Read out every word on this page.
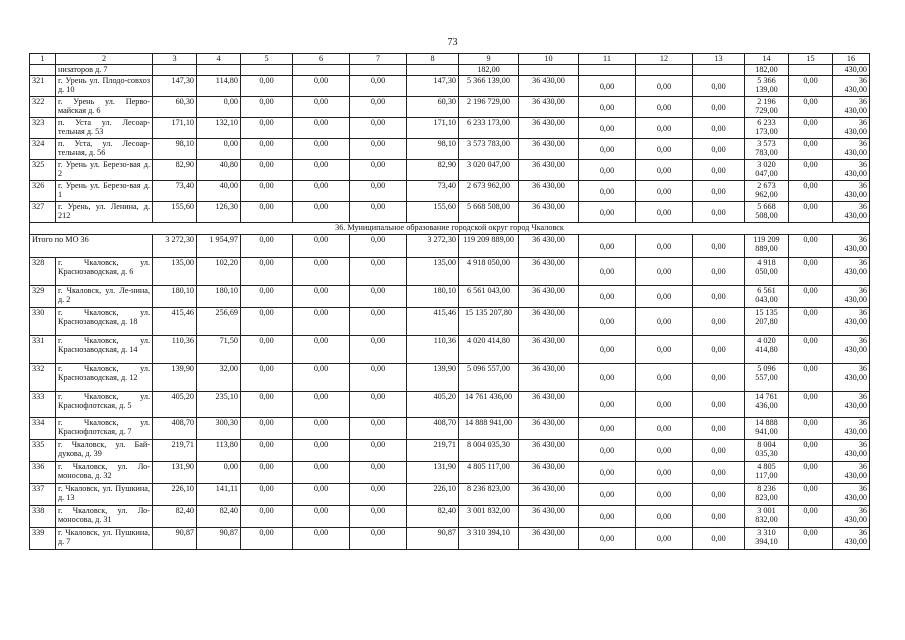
73
1	2	3	4	5	6	7	8	9	10	11	12	13	14	15	16
	низаторов д. 7							182,00					182,00		430,00
321	г. Урень ул. Плодо-совхоз д. 10	147,30	114,80	0,00	0,00	0,00	147,30	5 366 139,00	36 430,00	0,00	0,00	0,00	5 366 139,00	0,00	36 430,00
322	г. Урень ул. Перво-майская д. 6	60,30	0,00	0,00	0,00	0,00	60,30	2 196 729,00	36 430,00	0,00	0,00	0,00	2 196 729,00	0,00	36 430,00
323	п. Уста ул. Лесоар-тельная д. 53	171,10	132,10	0,00	0,00	0,00	171,10	6 233 173,00	36 430,00	0,00	0,00	0,00	6 233 173,00	0,00	36 430,00
324	п. Уста, ул. Лесоар-тельная, д. 56	98,10	0,00	0,00	0,00	0,00	98,10	3 573 783,00	36 430,00	0,00	0,00	0,00	3 573 783,00	0,00	36 430,00
325	г. Урень ул. Березо-вая д. 2	82,90	40,80	0,00	0,00	0,00	82,90	3 020 047,00	36 430,00	0,00	0,00	0,00	3 020 047,00	0,00	36 430,00
326	г. Урень ул. Березо-вая д. 1	73,40	40,00	0,00	0,00	0,00	73,40	2 673 962,00	36 430,00	0,00	0,00	0,00	2 673 962,00	0,00	36 430,00
327	г. Урень, ул. Ленина, д. 212	155,60	126,30	0,00	0,00	0,00	155,60	5 668 508,00	36 430,00	0,00	0,00	0,00	5 668 508,00	0,00	36 430,00
36. Муниципальное образование городской округ город Чкаловск															
Итого по МО 36		3 272,30	1 954,97	0,00	0,00	0,00	3 272,30	119 209 889,00	36 430,00	0,00	0,00	0,00	119 209 889,00	0,00	36 430,00
328	г. Чкаловск, ул. Краснозаводская, д. 6	135,00	102,20	0,00	0,00	0,00	135,00	4 918 050,00	36 430,00	0,00	0,00	0,00	4 918 050,00	0,00	36 430,00
329	г. Чкаловск, ул. Ле-нина, д. 2	180,10	180,10	0,00	0,00	0,00	180,10	6 561 043,00	36 430,00	0,00	0,00	0,00	6 561 043,00	0,00	36 430,00
330	г. Чкаловск, ул. Краснозаводская, д. 18	415,46	256,69	0,00	0,00	0,00	415,46	15 135 207,80	36 430,00	0,00	0,00	0,00	15 135 207,80	0,00	36 430,00
331	г. Чкаловск, ул. Краснозаводская, д. 14	110,36	71,50	0,00	0,00	0,00	110,36	4 020 414,80	36 430,00	0,00	0,00	0,00	4 020 414,80	0,00	36 430,00
332	г. Чкаловск, ул. Краснозаводская, д. 12	139,90	32,00	0,00	0,00	0,00	139,90	5 096 557,00	36 430,00	0,00	0,00	0,00	5 096 557,00	0,00	36 430,00
333	г. Чкаловск, ул. Краснофлотская, д. 5	405,20	235,10	0,00	0,00	0,00	405,20	14 761 436,00	36 430,00	0,00	0,00	0,00	14 761 436,00	0,00	36 430,00
334	г. Чкаловск, ул. Краснофлотская, д. 7	408,70	300,30	0,00	0,00	0,00	408,70	14 888 941,00	36 430,00	0,00	0,00	0,00	14 888 941,00	0,00	36 430,00
335	г. Чкаловск, ул. Бай-дукова, д. 39	219,71	113,80	0,00	0,00	0,00	219,71	8 004 035,30	36 430,00	0,00	0,00	0,00	8 004 035,30	0,00	36 430,00
336	г. Чкаловск, ул. Ло-моносова, д. 32	131,90	0,00	0,00	0,00	0,00	131,90	4 805 117,00	36 430,00	0,00	0,00	0,00	4 805 117,00	0,00	36 430,00
337	г. Чкаловск, ул. Пушкина, д. 13	226,10	141,11	0,00	0,00	0,00	226,10	8 236 823,00	36 430,00	0,00	0,00	0,00	8 236 823,00	0,00	36 430,00
338	г. Чкаловск, ул. Ло-моносова, д. 31	82,40	82,40	0,00	0,00	0,00	82,40	3 001 832,00	36 430,00	0,00	0,00	0,00	3 001 832,00	0,00	36 430,00
339	г. Чкаловск, ул. Пушкина, д. 7	90,87	90,87	0,00	0,00	0,00	90,87	3 310 394,10	36 430,00	0,00	0,00	0,00	3 310 394,10	0,00	36 430,00
